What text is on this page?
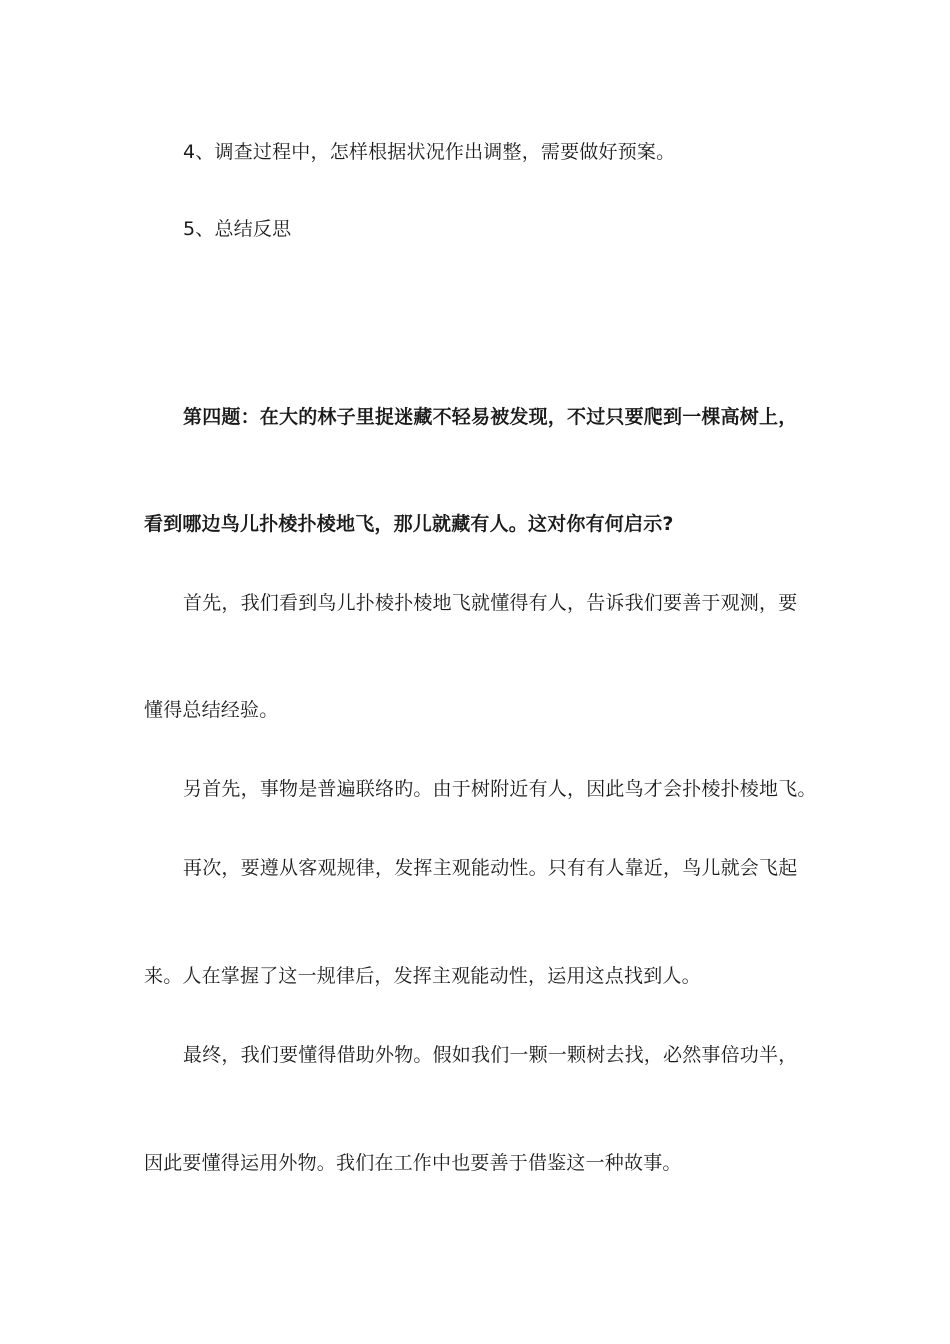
4、调查过程中，怎样根据状况作出调整，需要做好预案。

5、总结反思

第四题：在大的林子里捉迷藏不轻易被发现，不过只要爬到一棵高树上，

看到哪边鸟儿扑棱扑棱地飞，那儿就藏有人。这对你有何启示?

首先，我们看到鸟儿扑棱扑棱地飞就懂得有人，告诉我们要善于观测，要

懂得总结经验。

另首先，事物是普遍联络旳。由于树附近有人，因此鸟才会扑棱扑棱地飞。

再次，要遵从客观规律，发挥主观能动性。只有有人靠近，鸟儿就会飞起

来。人在掌握了这一规律后，发挥主观能动性，运用这点找到人。

最终，我们要懂得借助外物。假如我们一颗一颗树去找，必然事倍功半，

因此要懂得运用外物。我们在工作中也要善于借鉴这一种故事。
